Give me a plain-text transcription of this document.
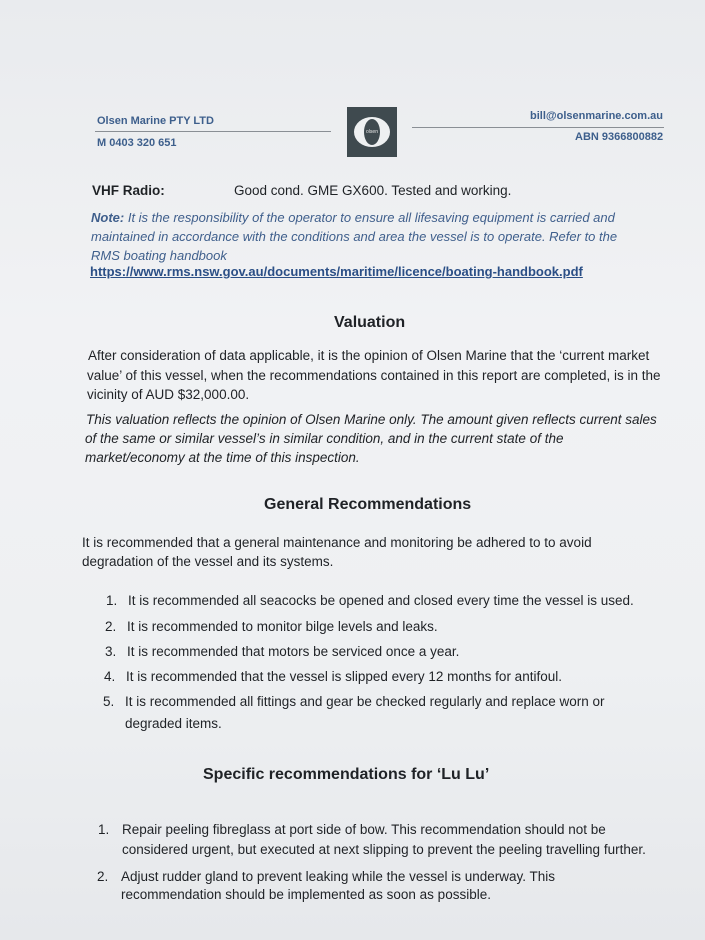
Olsen Marine PTY LTD
M 0403 320 651
olsen
bill@olsenmarine.com.au
ABN 9366800882
VHF Radio:	Good cond. GME GX600. Tested and working.
Note: It is the responsibility of the operator to ensure all lifesaving equipment is carried and
maintained in accordance with the conditions and area the vessel is to operate. Refer to the
RMS boating handbook
https://www.rms.nsw.gov.au/documents/maritime/licence/boating-handbook.pdf
Valuation
After consideration of data applicable, it is the opinion of Olsen Marine that the ‘current market
value’ of this vessel, when the recommendations contained in this report are completed, is in the
vicinity of AUD $32,000.00.
This valuation reflects the opinion of Olsen Marine only. The amount given reflects current sales
of the same or similar vessel’s in similar condition, and in the current state of the
market/economy at the time of this inspection.
General Recommendations
It is recommended that a general maintenance and monitoring be adhered to to avoid
degradation of the vessel and its systems.
1. It is recommended all seacocks be opened and closed every time the vessel is used.
2. It is recommended to monitor bilge levels and leaks.
3. It is recommended that motors be serviced once a year.
4. It is recommended that the vessel is slipped every 12 months for antifoul.
5. It is recommended all fittings and gear be checked regularly and replace worn or
degraded items.
Specific recommendations for ‘Lu Lu’
1. Repair peeling fibreglass at port side of bow. This recommendation should not be
considered urgent, but executed at next slipping to prevent the peeling travelling further.
2. Adjust rudder gland to prevent leaking while the vessel is underway. This
recommendation should be implemented as soon as possible.
